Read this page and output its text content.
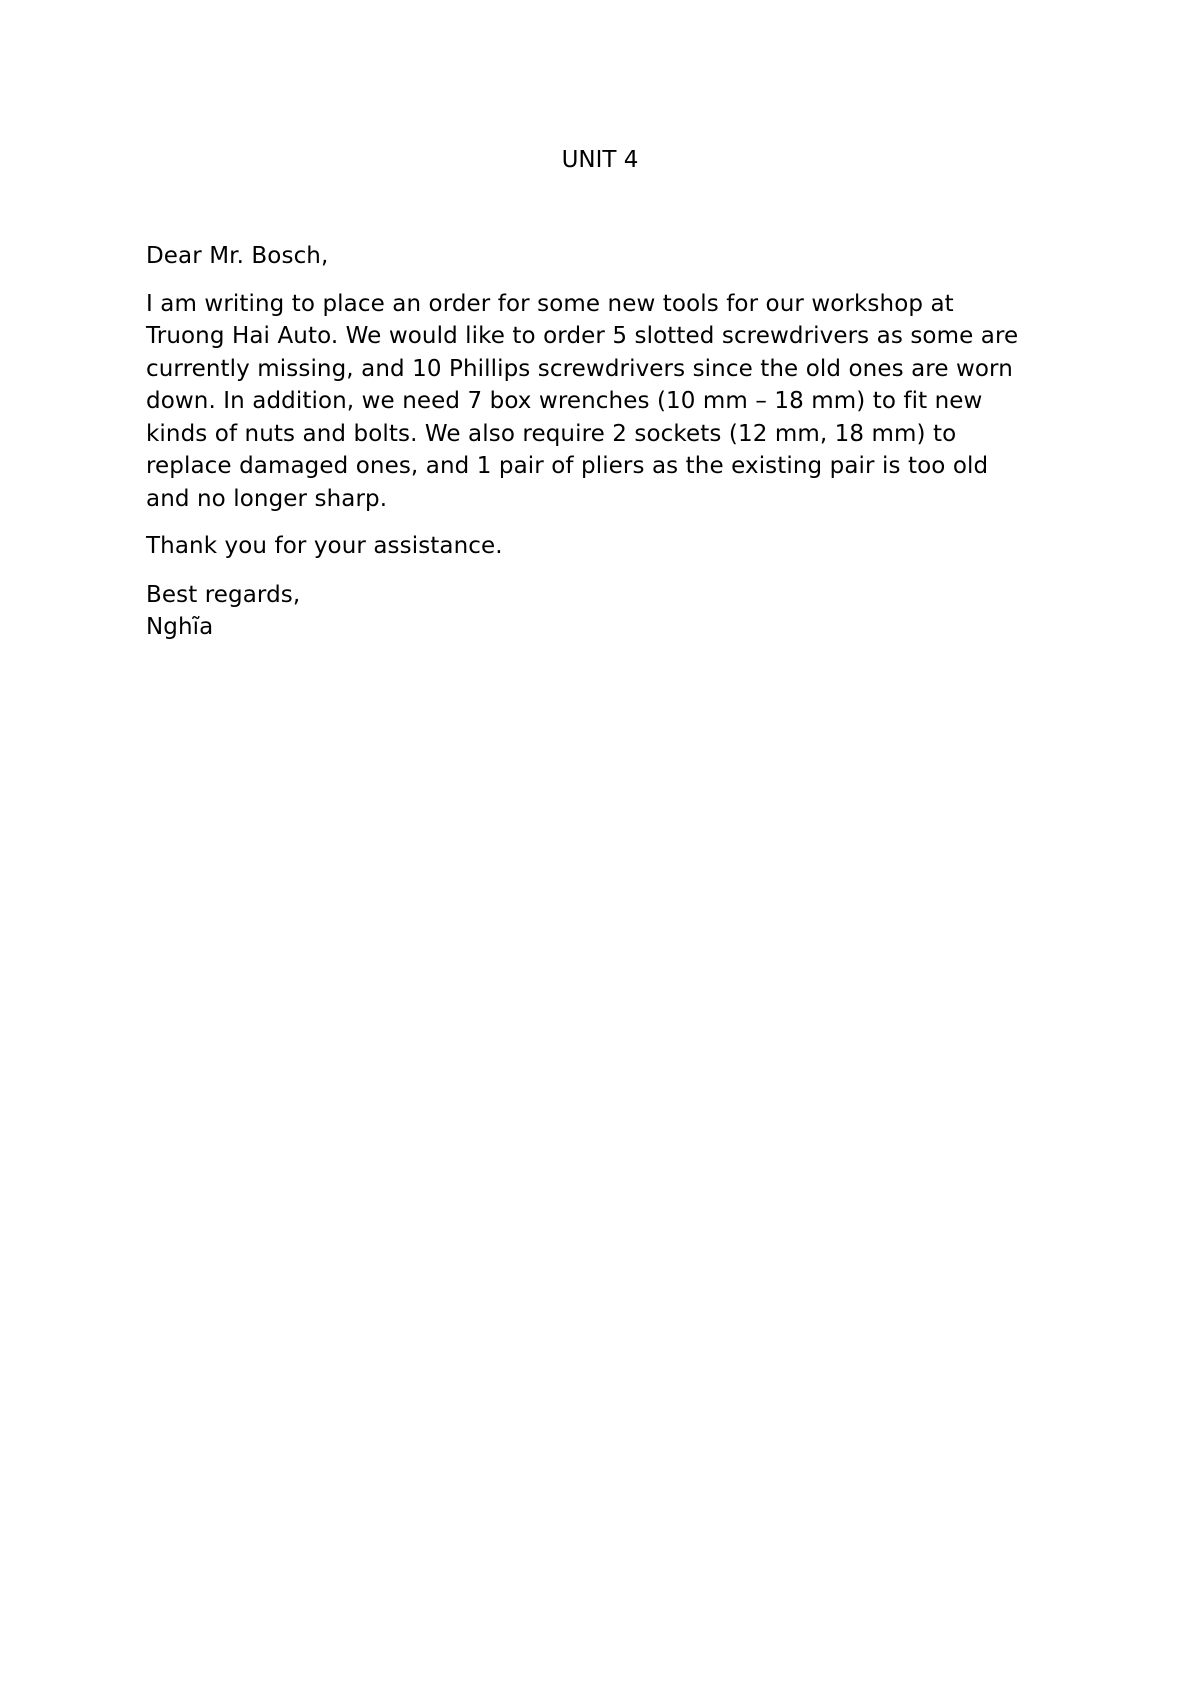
UNIT 4

Dear Mr. Bosch,

I am writing to place an order for some new tools for our workshop at
Truong Hai Auto. We would like to order 5 slotted screwdrivers as some are
currently missing, and 10 Phillips screwdrivers since the old ones are worn
down. In addition, we need 7 box wrenches (10 mm – 18 mm) to fit new
kinds of nuts and bolts. We also require 2 sockets (12 mm, 18 mm) to
replace damaged ones, and 1 pair of pliers as the existing pair is too old
and no longer sharp.

Thank you for your assistance.

Best regards,
Nghĩa
